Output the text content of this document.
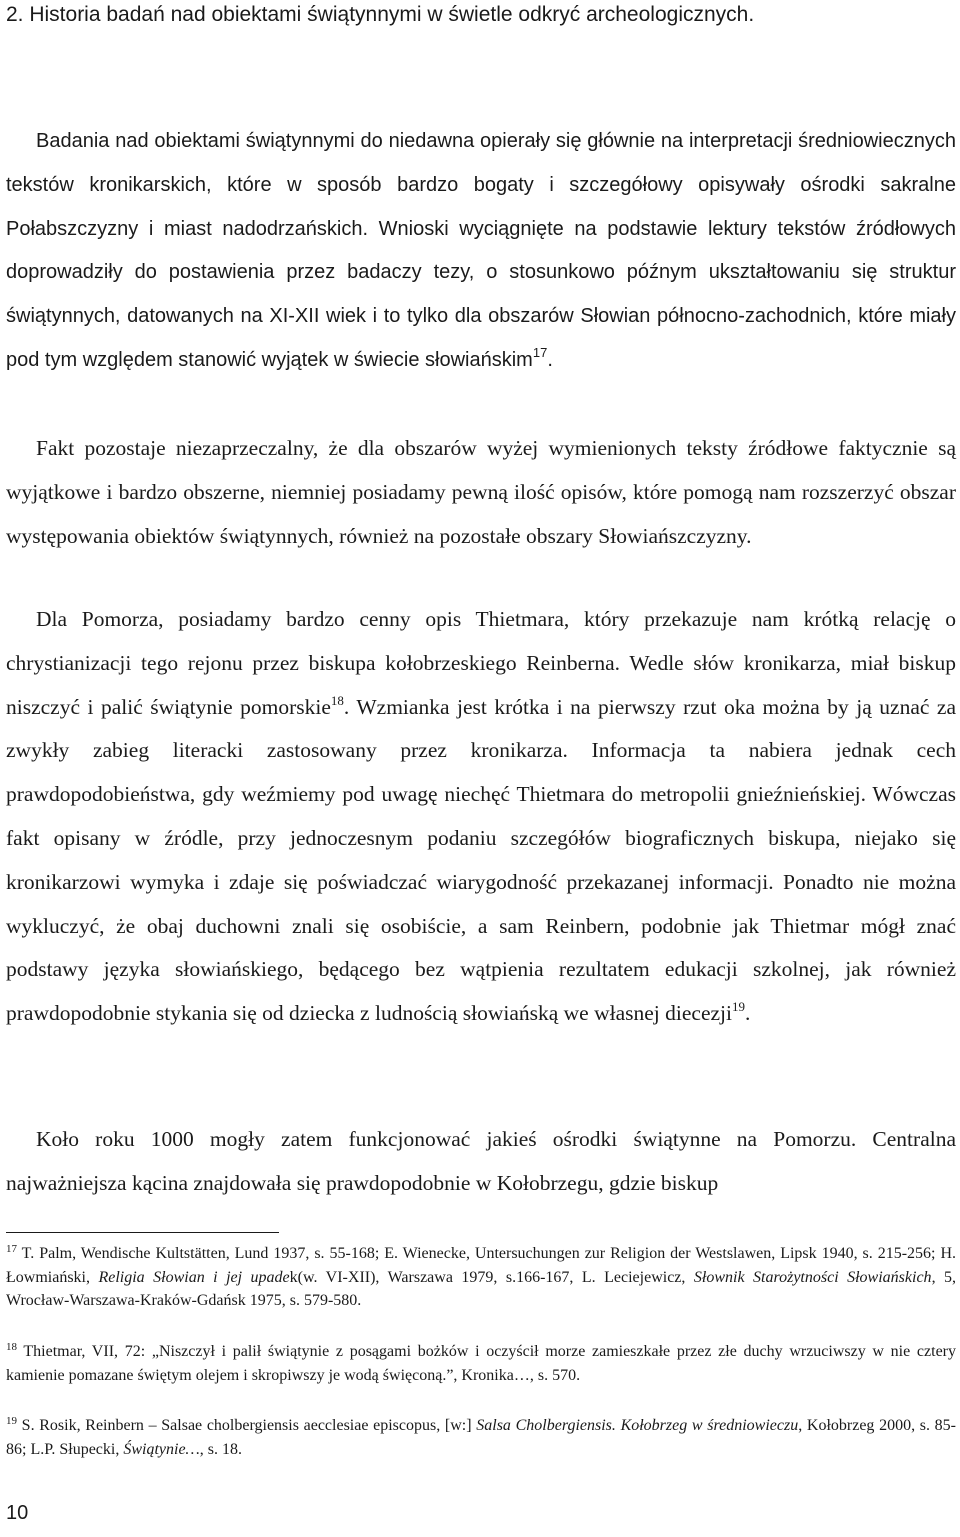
2. Historia badań nad obiektami świątynnymi w świetle odkryć archeologicznych.

Badania nad obiektami świątynnymi do niedawna opierały się głównie na interpretacji średniowiecznych tekstów kronikarskich, które w sposób bardzo bogaty i szczegółowy opisywały ośrodki sakralne Połabszczyzny i miast nadodrzańskich. Wnioski wyciągnięte na podstawie lektury tekstów źródłowych doprowadziły do postawienia przez badaczy tezy, o stosunkowo późnym ukształtowaniu się struktur świątynnych, datowanych na XI-XII wiek i to tylko dla obszarów Słowian północno-zachodnich, które miały pod tym względem stanowić wyjątek w świecie słowiańskim$^{17}$.

Fakt pozostaje niezaprzeczalny, że dla obszarów wyżej wymienionych teksty źródłowe faktycznie są wyjątkowe i bardzo obszerne, niemniej posiadamy pewną ilość opisów, które pomogą nam rozszerzyć obszar występowania obiektów świątynnych, również na pozostałe obszary Słowiańszczyzny.

Dla Pomorza, posiadamy bardzo cenny opis Thietmara, który przekazuje nam krótką relację o chrystianizacji tego rejonu przez biskupa kołobrzeskiego Reinberna. Wedle słów kronikarza, miał biskup niszczyć i palić świątynie pomorskie$^{18}$. Wzmianka jest krótka i na pierwszy rzut oka można by ją uznać za zwykły zabieg literacki zastosowany przez kronikarza. Informacja ta nabiera jednak cech prawdopodobieństwa, gdy weźmiemy pod uwagę niechęć Thietmara do metropolii gnieźnieńskiej. Wówczas fakt opisany w źródle, przy jednoczesnym podaniu szczegółów biograficznych biskupa, niejako się kronikarzowi wymyka i zdaje się poświadczać wiarygodność przekazanej informacji. Ponadto nie można wykluczyć, że obaj duchowni znali się osobiście, a sam Reinbern, podobnie jak Thietmar mógł znać podstawy języka słowiańskiego, będącego bez wątpienia rezultatem edukacji szkolnej, jak również prawdopodobnie stykania się od dziecka z ludnością słowiańską we własnej diecezji$^{19}$.

Koło roku 1000 mogły zatem funkcjonować jakieś ośrodki świątynne na Pomorzu. Centralna najważniejsza kącina znajdowała się prawdopodobnie w Kołobrzegu, gdzie biskup

$^{17}$ T. Palm, Wendische Kultstӓtten, Lund 1937, s. 55-168; E. Wienecke, Untersuchungen zur Religion der Westslawen, Lipsk 1940, s. 215-256; H. Łowmiański, Religia Słowian i jej upadek(w. VI-XII), Warszawa 1979, s.166-167, L. Leciejewicz, Słownik Starożytności Słowiańskich, 5, Wrocław-Warszawa-Kraków-Gdańsk 1975, s. 579-580.

$^{18}$ Thietmar, VII, 72: „Niszczył i palił świątynie z posągami bożków i oczyścił morze zamieszkałe przez złe duchy wrzuciwszy w nie cztery kamienie pomazane świętym olejem i skropiwszy je wodą święconą.”, Kronika…, s. 570.

$^{19}$ S. Rosik, Reinbern – Salsae cholbergiensis aecclesiae episcopus, [w:] Salsa Cholbergiensis. Kołobrzeg w średniowieczu, Kołobrzeg 2000, s. 85-86; L.P. Słupecki, Świątynie…, s. 18.

10
